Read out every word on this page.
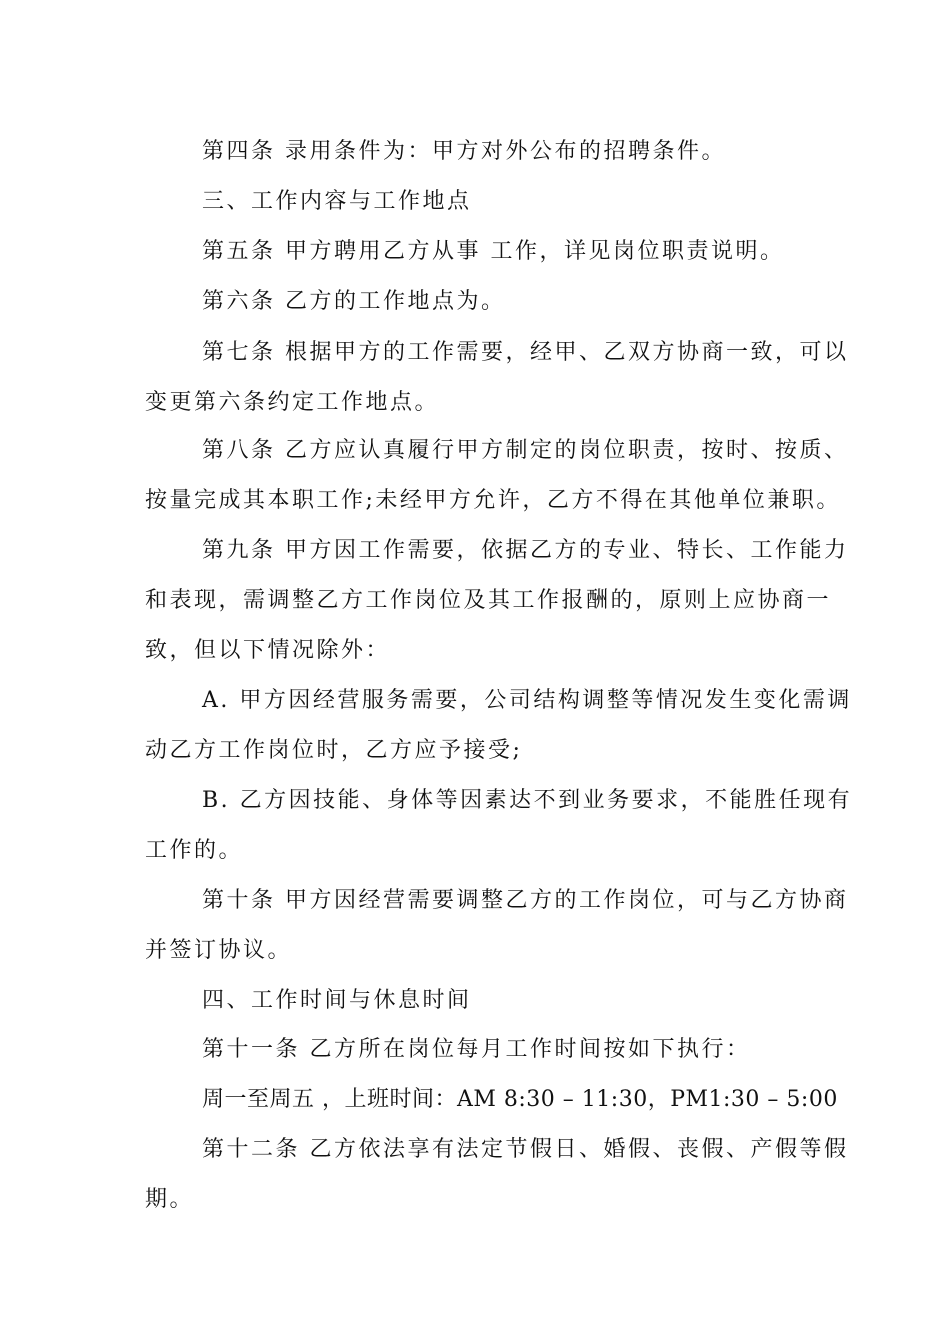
第四条 录用条件为：甲方对外公布的招聘条件。
三、工作内容与工作地点
第五条 甲方聘用乙方从事 工作，详见岗位职责说明。
第六条 乙方的工作地点为。
第七条 根据甲方的工作需要，经甲、乙双方协商一致，可以
变更第六条约定工作地点。
第八条 乙方应认真履行甲方制定的岗位职责，按时、按质、
按量完成其本职工作;未经甲方允许，乙方不得在其他单位兼职。
第九条 甲方因工作需要，依据乙方的专业、特长、工作能力
和表现，需调整乙方工作岗位及其工作报酬的，原则上应协商一
致，但以下情况除外：
A. 甲方因经营服务需要，公司结构调整等情况发生变化需调
动乙方工作岗位时，乙方应予接受;
B. 乙方因技能、身体等因素达不到业务要求，不能胜任现有
工作的。
第十条 甲方因经营需要调整乙方的工作岗位，可与乙方协商
并签订协议。
四、工作时间与休息时间
第十一条 乙方所在岗位每月工作时间按如下执行：
周一至周五 ，上班时间：AM 8:30 – 11:30，PM1:30 – 5:00
第十二条 乙方依法享有法定节假日、婚假、丧假、产假等假
期。
